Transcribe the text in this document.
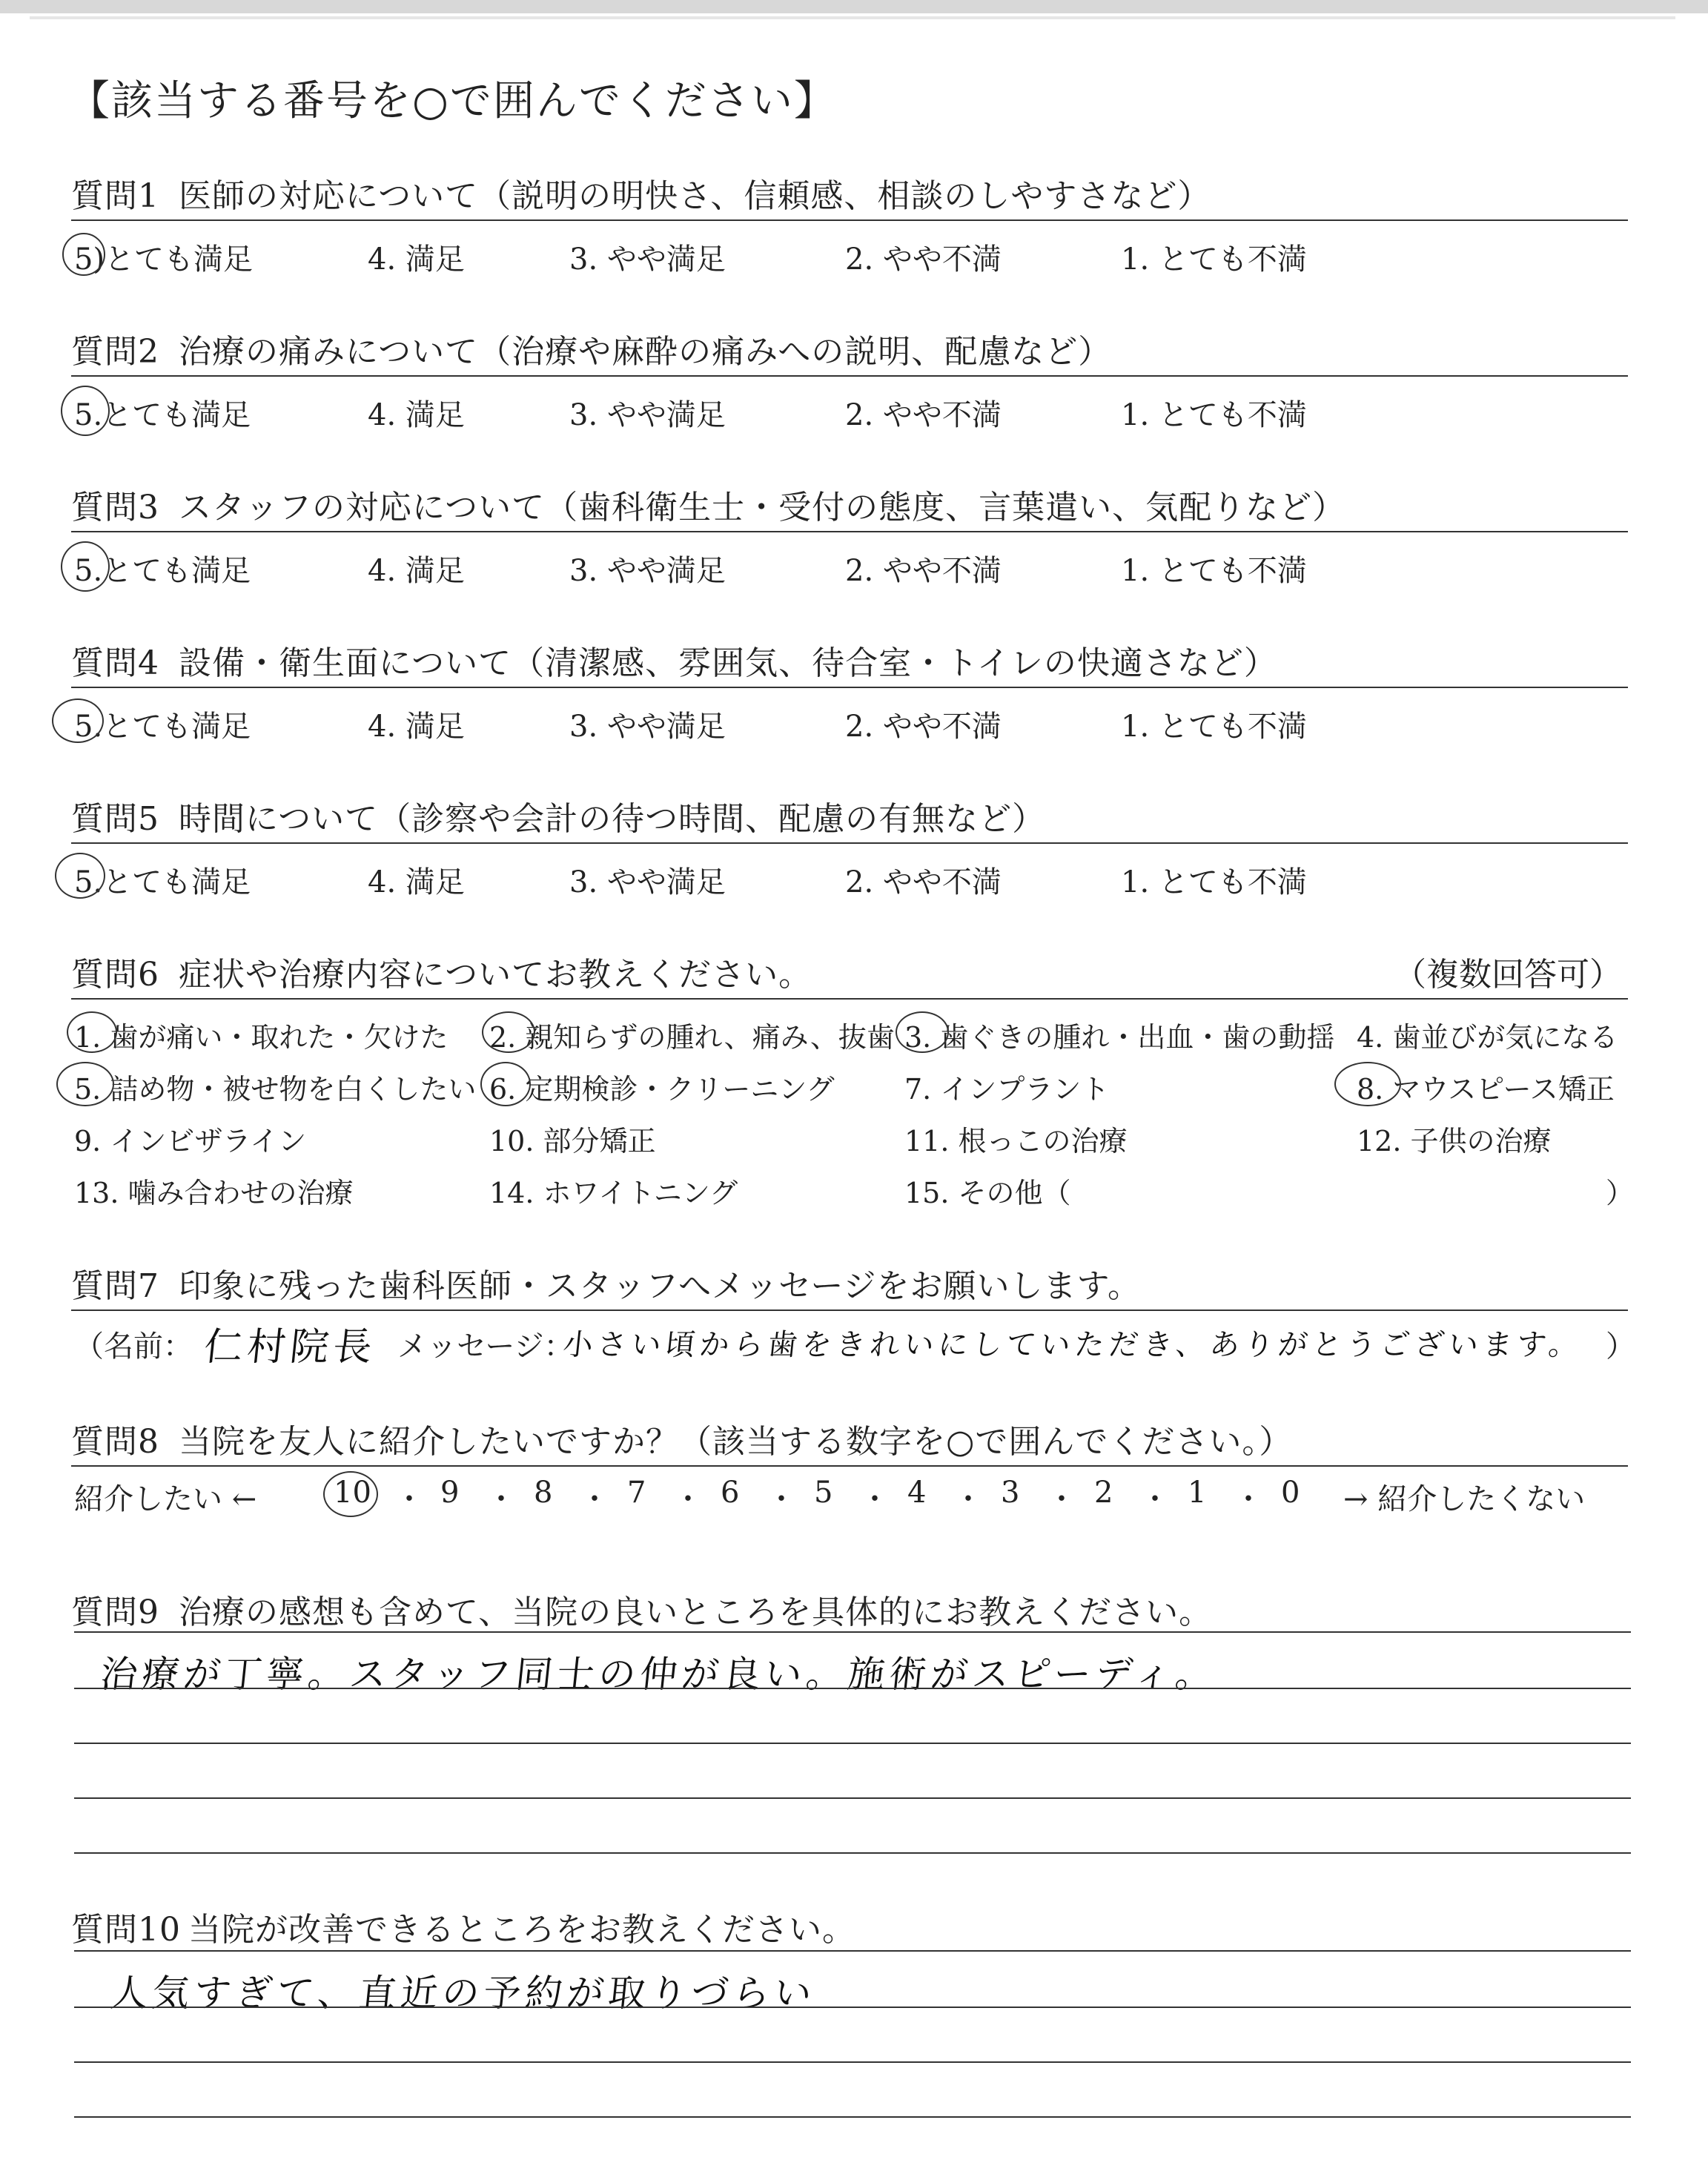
【該当する番号を○で囲んでください】
質問1 医師の対応について（説明の明快さ、信頼感、相談のしやすさなど）
5)とても満足	4. 満足	3. やや満足	2. やや不満	1. とても不満
質問2 治療の痛みについて（治療や麻酔の痛みへの説明、配慮など）
5.とても満足	4. 満足	3. やや満足	2. やや不満	1. とても不満
質問3 スタッフの対応について（歯科衛生士・受付の態度、言葉遣い、気配りなど）
5.とても満足	4. 満足	3. やや満足	2. やや不満	1. とても不満
質問4 設備・衛生面について（清潔感、雰囲気、待合室・トイレの快適さなど）
5.とても満足	4. 満足	3. やや満足	2. やや不満	1. とても不満
質問5 時間について（診察や会計の待つ時間、配慮の有無など）
5.とても満足	4. 満足	3. やや満足	2. やや不満	1. とても不満
質問6 症状や治療内容についてお教えください。	（複数回答可）
1. 歯が痛い・取れた・欠けた 2. 親知らずの腫れ、痛み、抜歯 3. 歯ぐきの腫れ・出血・歯の動揺 4. 歯並びが気になる
5. 詰め物・被せ物を白くしたい 6. 定期検診・クリーニング 7. インプラント	8. マウスピース矯正
9. インビザライン	10. 部分矯正	11. 根っこの治療	12. 子供の治療
13. 噛み合わせの治療	14. ホワイトニング	15. その他（	）
質問7 印象に残った歯科医師・スタッフへメッセージをお願いします。
（名前： 仁村院長 メッセージ：
小さい頃から歯をきれいにしていただき、ありがとうございます。 ）
質問8 当院を友人に紹介したいですか？（該当する数字を○で囲んでください。）
紹介したい ←	10 ・ 9 ・ 8 ・ 7 ・ 6 ・ 5 ・ 4 ・ 3 ・ 2 ・ 1 ・ 0 → 紹介したくない
質問9 治療の感想も含めて、当院の良いところを具体的にお教えください。
治療が丁寧。スタッフ同士の仲が良い。施術がスピーディ。
質問10 当院が改善できるところをお教えください。
人気すぎて、直近の予約が取りづらい
